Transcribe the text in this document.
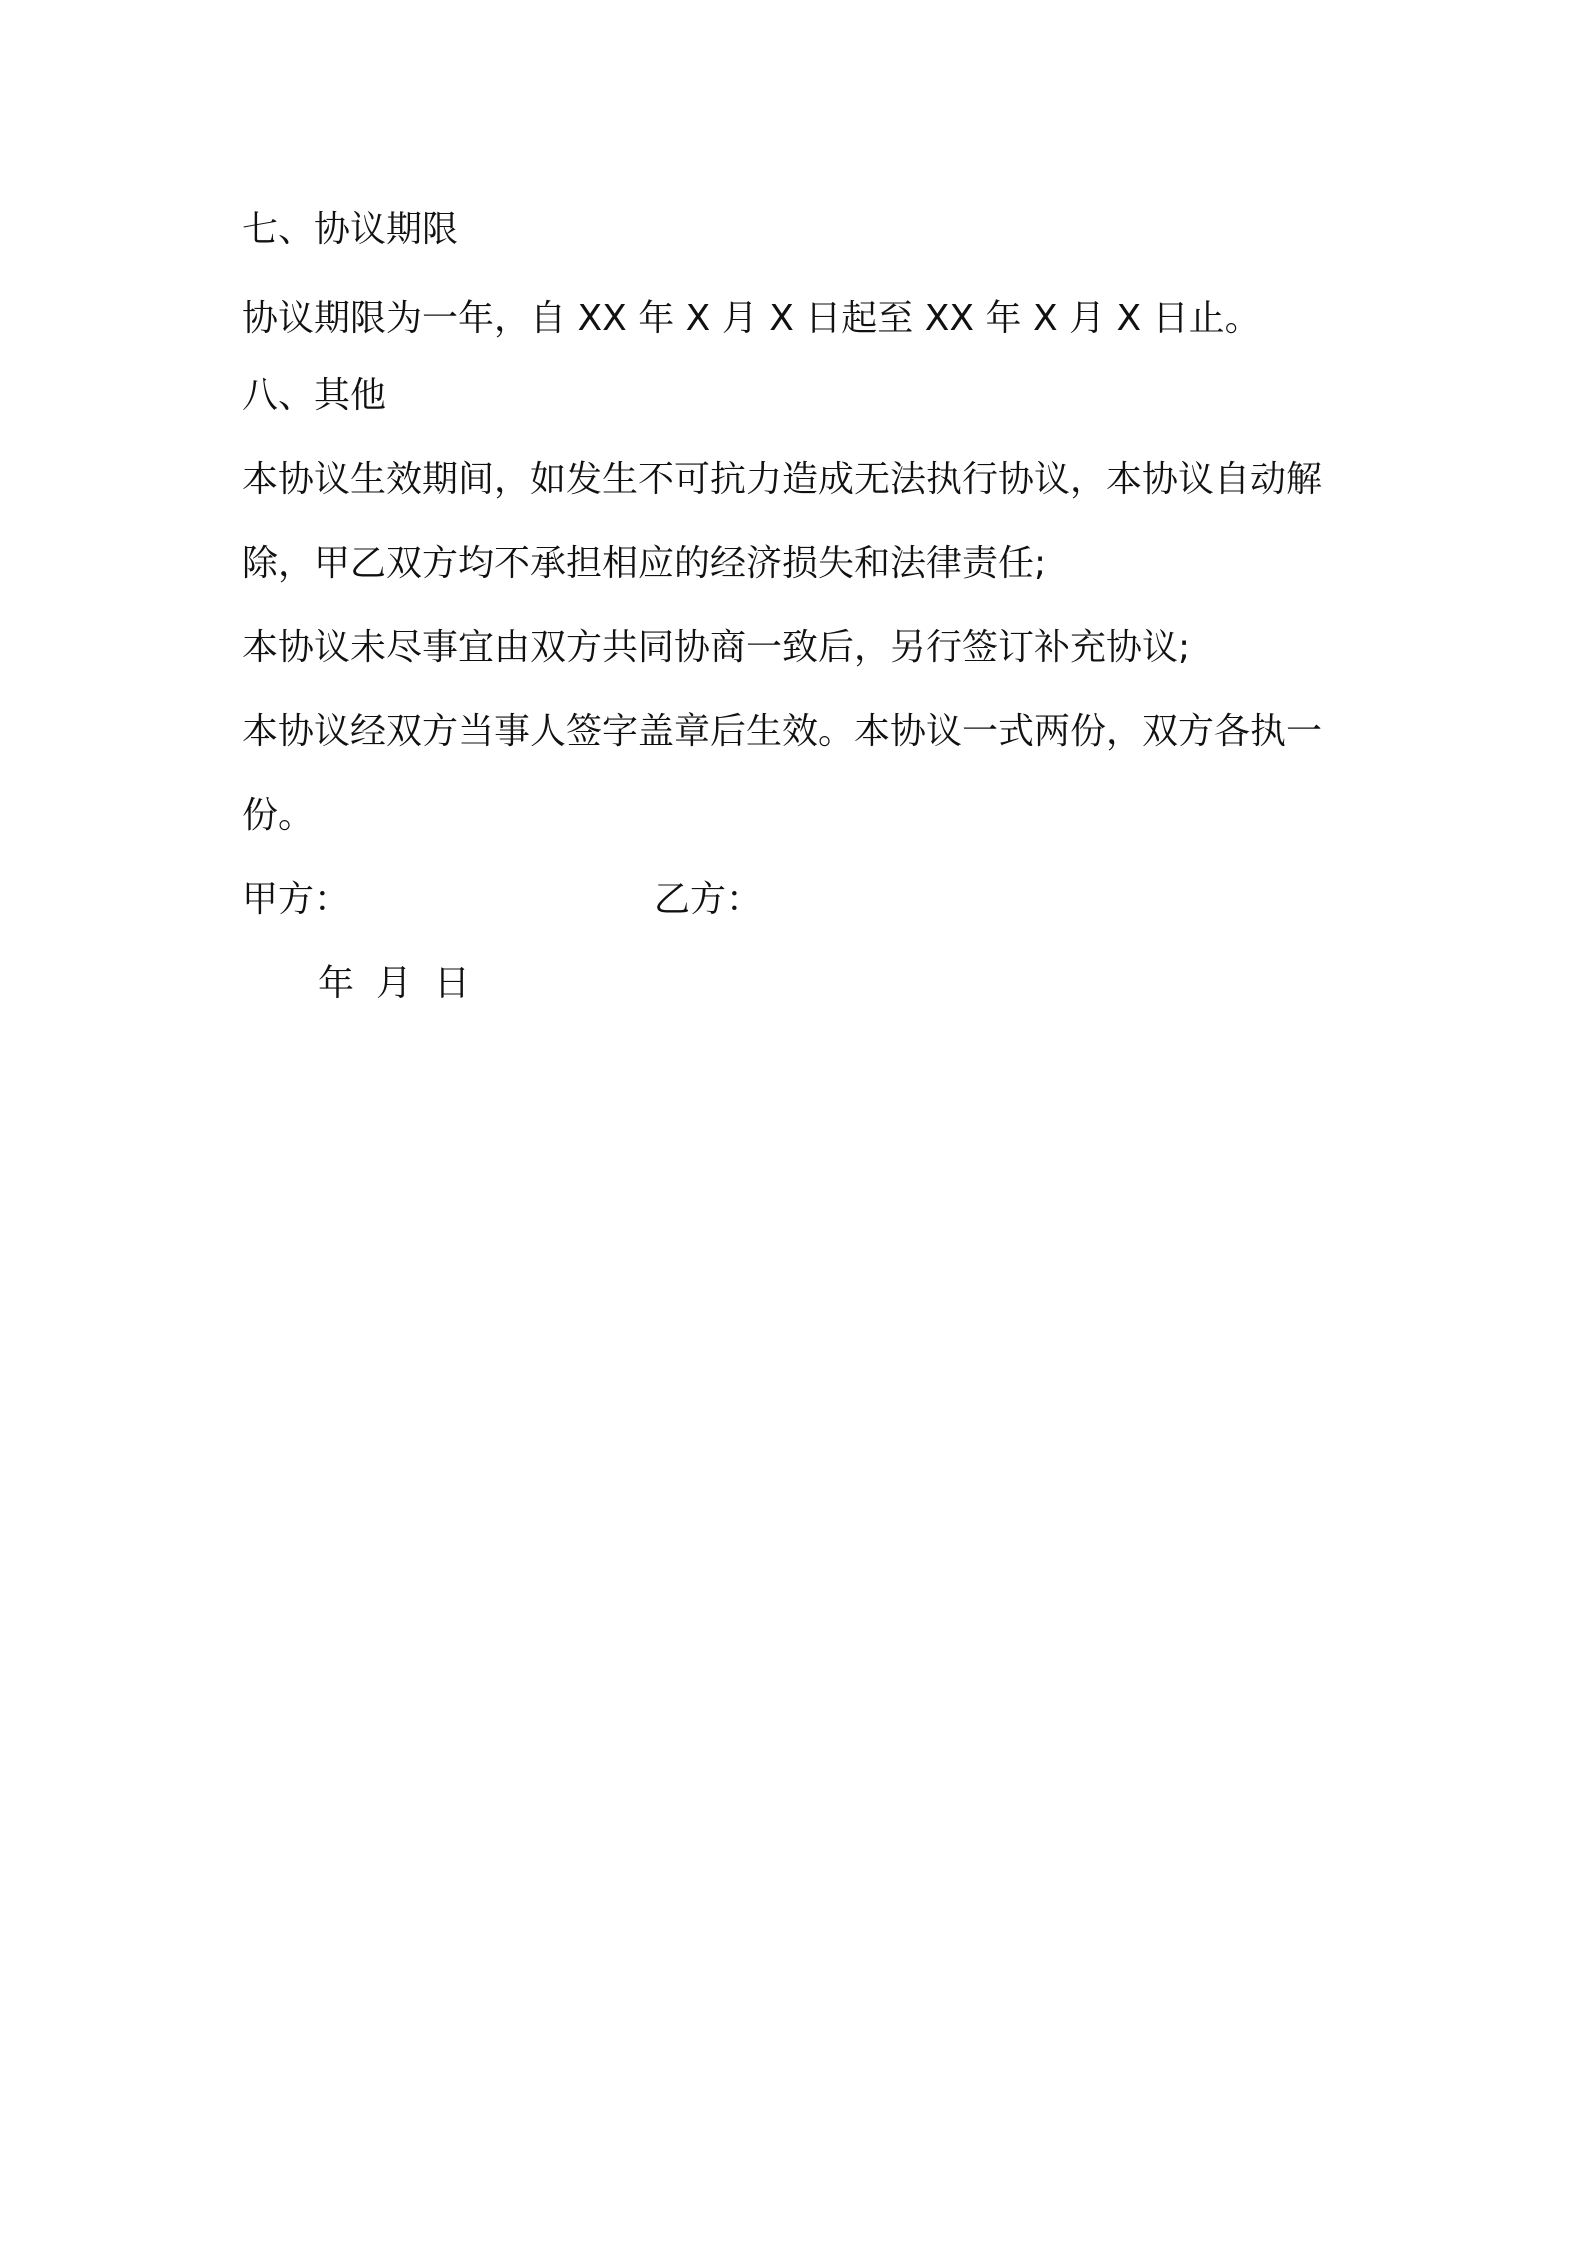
七、协议期限
协议期限为一年，自 XX 年 X 月 X 日起至 XX 年 X 月 X 日止。
八、其他
本协议生效期间，如发生不可抗力造成无法执行协议，本协议自动解
除，甲乙双方均不承担相应的经济损失和法律责任;
本协议未尽事宜由双方共同协商一致后，另行签订补充协议;
本协议经双方当事人签字盖章后生效。本协议一式两份，双方各执一
份。
甲方：	乙方：
年 月 日
